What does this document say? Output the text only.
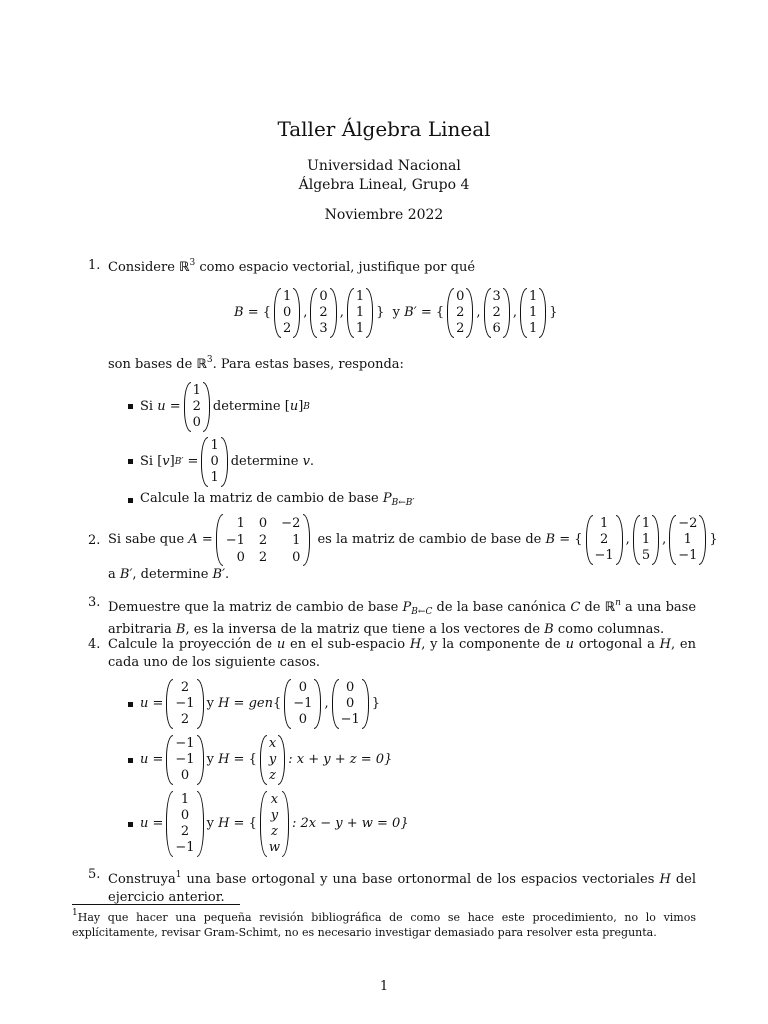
Taller Álgebra Lineal
Universidad Nacional
Álgebra Lineal, Grupo 4
Noviembre 2022
1. Considere ℝ$^3$ como espacio vectorial, justifique por qué
B = {
1
0
2
,
0
2
3
,
1
1
1
} y
B′ = {
0
2
2
,
3
2
6
,
1
1
1
}
son bases de ℝ$^3$. Para estas bases, responda:
Si
u =
1
2
0
determine [ u ] B
Si [ v ] B′ =
1
0
1
determine
v .
Calcule la matriz de cambio de base $P_{B\leftarrow B'}$
2. Si sabe que
A =
1 0 −2
−1 2	1
0 2	0

es la matriz de cambio de base de
B = {
1
2
−1
,
1
1
5
,
−2
1
−1
}
a B′, determine B′.
3. Demuestre que la matriz de cambio de base $P_{B\leftarrow C}$ de la base canónica C de ℝ$^n$ a una base arbitraria B, es la inversa de la matriz que tiene a los vectores de B como columnas.
4. Calcule la proyección de u en el sub-espacio H, y la componente de u ortogonal a H, en cada uno de los siguiente casos.
u =
2
−1
2
y
H = gen {
0
−1
0
,
0
0
−1
}
u =
−1
−1
0
y
H = {
x
y
z
: x + y + z = 0}
u =
1
0
2
−1
y
H = {
x
y
z
w
: 2x − y + w = 0}
5. Construya$^1$ una base ortogonal y una base ortonormal de los espacios vectoriales H del ejercicio anterior.
$^1$Hay que hacer una pequeña revisión bibliográfica de como se hace este procedimiento, no lo vimos explícitamente, revisar Gram-Schimt, no es necesario investigar demasiado para resolver esta pregunta.
1
